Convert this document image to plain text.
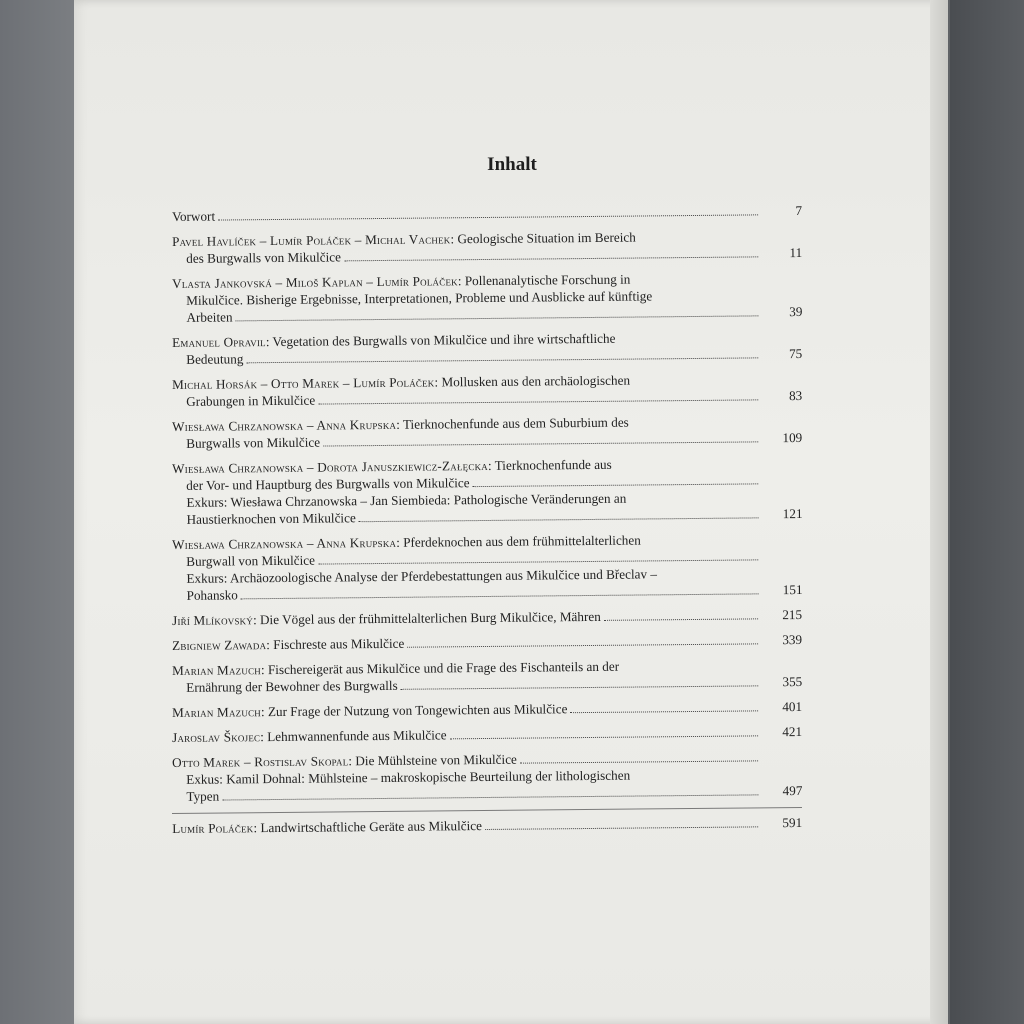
Inhalt
Vorwort	7
Pavel Havlíček – Lumír Poláček – Michal Vachek: Geologische Situation im Bereich
des Burgwalls von Mikulčice	11
Vlasta Jankovská – Miloš Kaplan – Lumír Poláček: Pollenanalytische Forschung in
Mikulčice. Bisherige Ergebnisse, Interpretationen, Probleme und Ausblicke auf künftige
Arbeiten	39
Emanuel Opravil: Vegetation des Burgwalls von Mikulčice und ihre wirtschaftliche
Bedeutung	75
Michal Horsák – Otto Marek – Lumír Poláček: Mollusken aus den archäologischen
Grabungen in Mikulčice	83
Wiesława Chrzanowska – Anna Krupska: Tierknochenfunde aus dem Suburbium des
Burgwalls von Mikulčice	109
Wiesława Chrzanowska – Dorota Januszkiewicz-Załęcka: Tierknochenfunde aus
der Vor- und Hauptburg des Burgwalls von Mikulčice
Exkurs: Wiesława Chrzanowska – Jan Siembieda: Pathologische Veränderungen an
Haustierknochen von Mikulčice	121
Wiesława Chrzanowska – Anna Krupska: Pferdeknochen aus dem frühmittelalterlichen
Burgwall von Mikulčice
Exkurs: Archäozoologische Analyse der Pferdebestattungen aus Mikulčice und Břeclav –
Pohansko	151
Jiří Mlíkovský: Die Vögel aus der frühmittelalterlichen Burg Mikulčice, Mähren	215
Zbigniew Zawada: Fischreste aus Mikulčice	339
Marian Mazuch: Fischereigerät aus Mikulčice und die Frage des Fischanteils an der
Ernährung der Bewohner des Burgwalls	355
Marian Mazuch: Zur Frage der Nutzung von Tongewichten aus Mikulčice	401
Jaroslav Škojec: Lehmwannenfunde aus Mikulčice	421
Otto Marek – Rostislav Skopal: Die Mühlsteine von Mikulčice
Exkus: Kamil Dohnal: Mühlsteine – makroskopische Beurteilung der lithologischen
Typen	497
Lumír Poláček: Landwirtschaftliche Geräte aus Mikulčice	591
